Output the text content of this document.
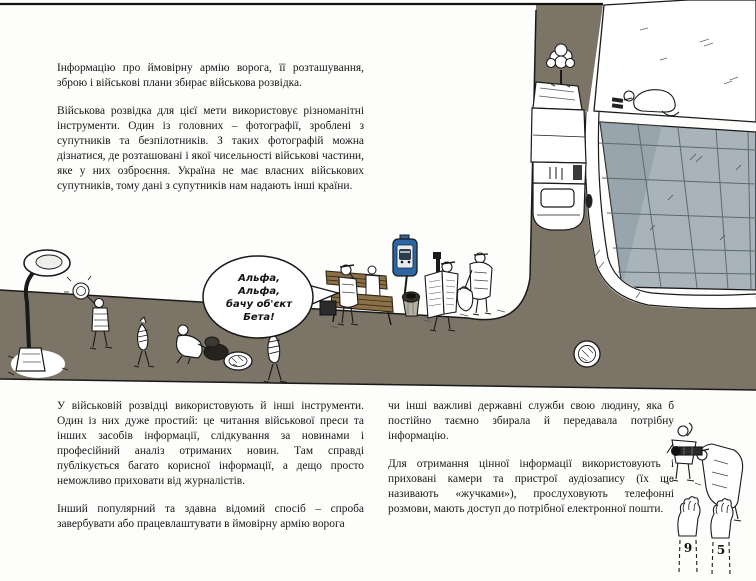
9 5

Інформацію про ймовірну армію ворога, її розташування, зброю і військові плани збирає військова розвідка.

Військова розвідка для цієї мети використовує різноманітні інструменти. Один із головних – фотографії, зроблені з супутників та безпілотників. З таких фотографій можна дізнатися, де розташовані і якої чисельності військові частини, яке у них озброєння. Україна не має власних військових супутників, тому дані з супутників нам надають інші країни.

У військовій розвідці використовують й інші інструменти. Один із них дуже простий: це читання військової преси та інших засобів інформації, слідкування за новинами і професійний аналіз отриманих новин. Там справді публікується багато корисної інформації, а дещо просто неможливо приховати від журналістів.

Інший популярний та здавна відомий спосіб – спроба завербувати або працевлаштувати в ймовірну армію ворога

чи інші важливі державні служби свою людину, яка б постійно таємно збирала й передавала потрібну інформацію.

Для отримання цінної інформації використовують і приховані камери та пристрої аудіозапису (їх ще називають «жучками»), прослуховують телефонні розмови, мають доступ до потрібної електронної пошти.

Альфа,
Альфа,
бачу об'єкт
Бета!
